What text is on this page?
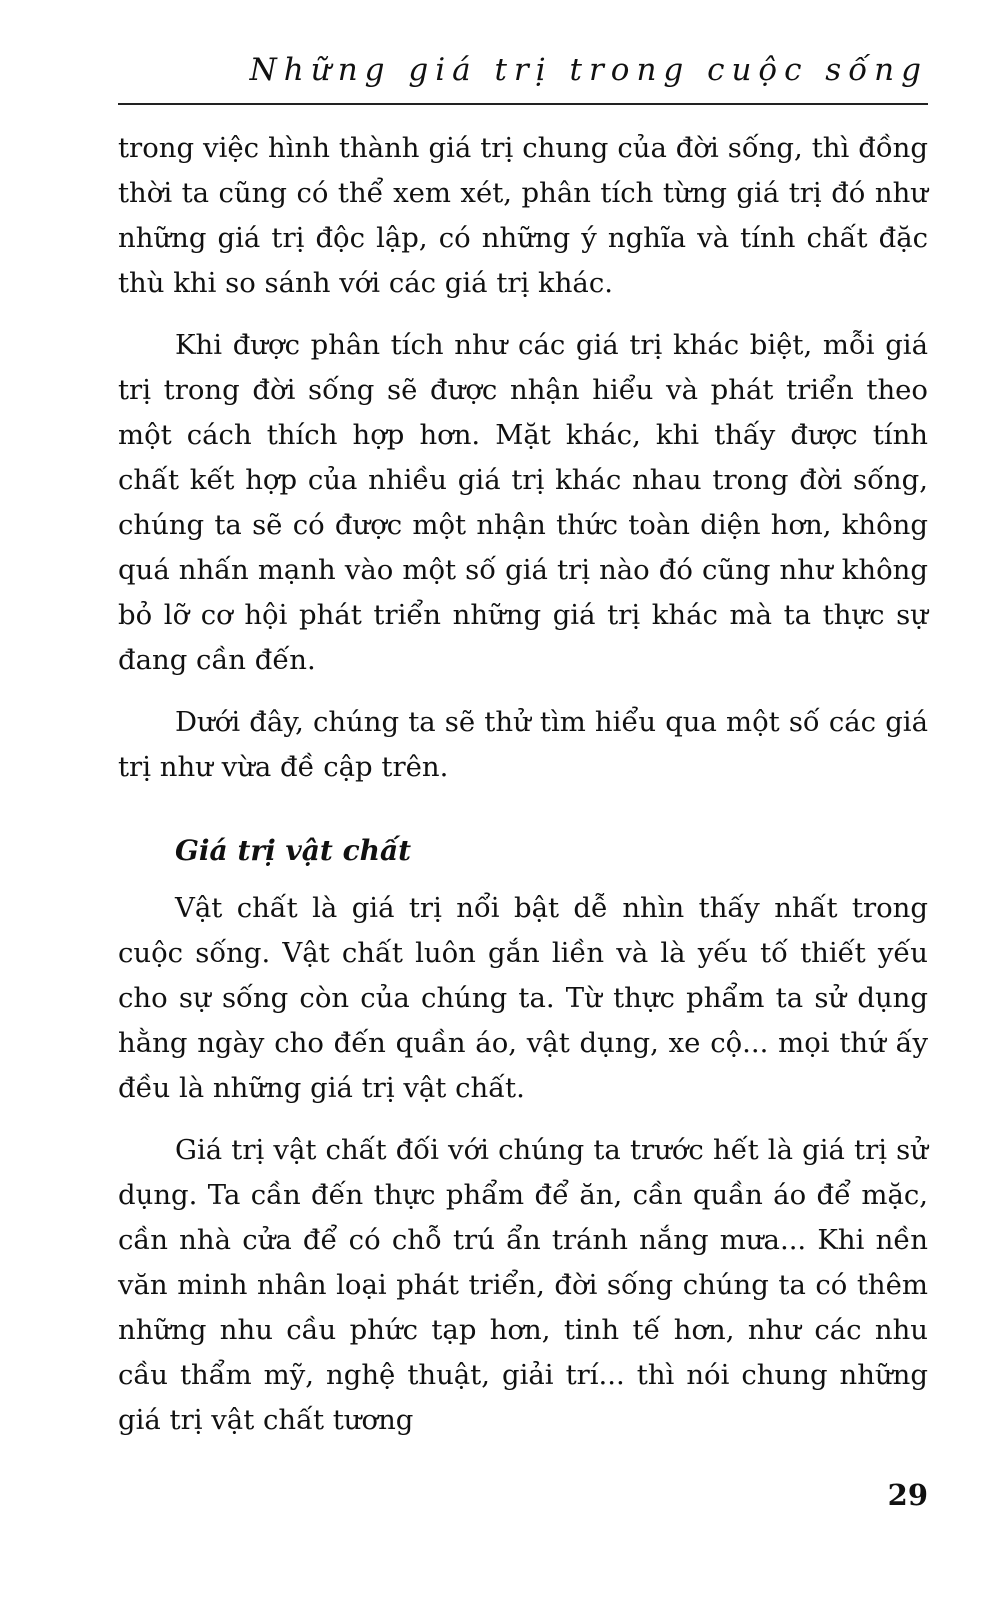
Những giá trị trong cuộc sống

trong việc hình thành giá trị chung của đời sống, thì đồng thời ta cũng có thể xem xét, phân tích từng giá trị đó như những giá trị độc lập, có những ý nghĩa và tính chất đặc thù khi so sánh với các giá trị khác.

Khi được phân tích như các giá trị khác biệt, mỗi giá trị trong đời sống sẽ được nhận hiểu và phát triển theo một cách thích hợp hơn. Mặt khác, khi thấy được tính chất kết hợp của nhiều giá trị khác nhau trong đời sống, chúng ta sẽ có được một nhận thức toàn diện hơn, không quá nhấn mạnh vào một số giá trị nào đó cũng như không bỏ lỡ cơ hội phát triển những giá trị khác mà ta thực sự đang cần đến.

Dưới đây, chúng ta sẽ thử tìm hiểu qua một số các giá trị như vừa đề cập trên.

Giá trị vật chất

Vật chất là giá trị nổi bật dễ nhìn thấy nhất trong cuộc sống. Vật chất luôn gắn liền và là yếu tố thiết yếu cho sự sống còn của chúng ta. Từ thực phẩm ta sử dụng hằng ngày cho đến quần áo, vật dụng, xe cộ... mọi thứ ấy đều là những giá trị vật chất.

Giá trị vật chất đối với chúng ta trước hết là giá trị sử dụng. Ta cần đến thực phẩm để ăn, cần quần áo để mặc, cần nhà cửa để có chỗ trú ẩn tránh nắng mưa... Khi nền văn minh nhân loại phát triển, đời sống chúng ta có thêm những nhu cầu phức tạp hơn, tinh tế hơn, như các nhu cầu thẩm mỹ, nghệ thuật, giải trí... thì nói chung những giá trị vật chất tương

29
